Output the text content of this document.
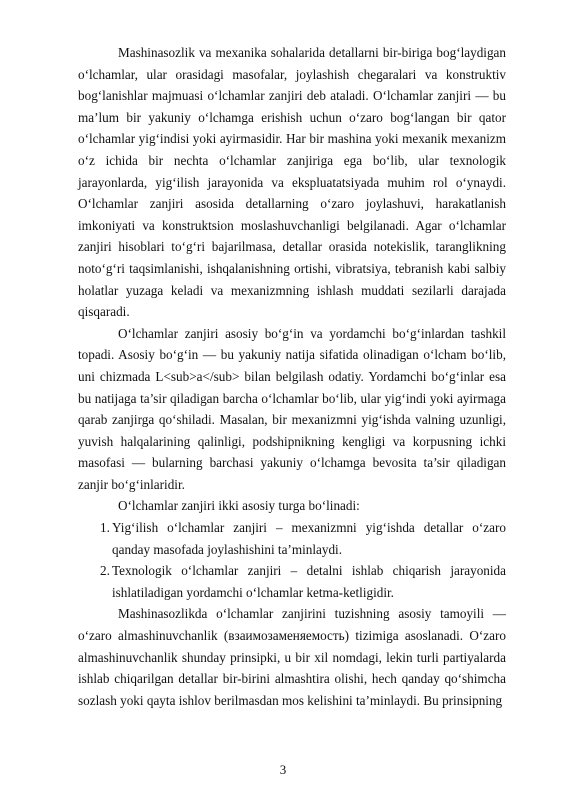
Mashinasozlik va mexanika sohalarida detallarni bir-biriga bog‘laydigan o‘lchamlar, ular orasidagi masofalar, joylashish chegaralari va konstruktiv bog‘lanishlar majmuasi o‘lchamlar zanjiri deb ataladi. O‘lchamlar zanjiri — bu ma’lum bir yakuniy o‘lchamga erishish uchun o‘zaro bog‘langan bir qator o‘lchamlar yig‘indisi yoki ayirmasidir. Har bir mashina yoki mexanik mexanizm o‘z ichida bir nechta o‘lchamlar zanjiriga ega bo‘lib, ular texnologik jarayonlarda, yig‘ilish jarayonida va ekspluatatsiyada muhim rol o‘ynaydi. O‘lchamlar zanjiri asosida detallarning o‘zaro joylashuvi, harakatlanish imkoniyati va konstruktsion moslashuvchanligi belgilanadi. Agar o‘lchamlar zanjiri hisoblari to‘g‘ri bajarilmasa, detallar orasida notekislik, taranglikning noto‘g‘ri taqsimlanishi, ishqalanishning ortishi, vibratsiya, tebranish kabi salbiy holatlar yuzaga keladi va mexanizmning ishlash muddati sezilarli darajada qisqaradi.

O‘lchamlar zanjiri asosiy bo‘g‘in va yordamchi bo‘g‘inlardan tashkil topadi. Asosiy bo‘g‘in — bu yakuniy natija sifatida olinadigan o‘lcham bo‘lib, uni chizmada L<sub>a</sub> bilan belgilash odatiy. Yordamchi bo‘g‘inlar esa bu natijaga ta’sir qiladigan barcha o‘lchamlar bo‘lib, ular yig‘indi yoki ayirmaga qarab zanjirga qo‘shiladi. Masalan, bir mexanizmni yig‘ishda valning uzunligi, yuvish halqalarining qalinligi, podshipnikning kengligi va korpusning ichki masofasi — bularning barchasi yakuniy o‘lchamga bevosita ta’sir qiladigan zanjir bo‘g‘inlaridir.

O‘lchamlar zanjiri ikki asosiy turga bo‘linadi:

1. Yig‘ilish o‘lchamlar zanjiri – mexanizmni yig‘ishda detallar o‘zaro qanday masofada joylashishini ta’minlaydi.
2. Texnologik o‘lchamlar zanjiri – detalni ishlab chiqarish jarayonida ishlatiladigan yordamchi o‘lchamlar ketma-ketligidir.

Mashinasozlikda o‘lchamlar zanjirini tuzishning asosiy tamoyili — o‘zaro almashinuvchanlik (взаимозаменяемость) tizimiga asoslanadi. O‘zaro almashinuvchanlik shunday prinsipki, u bir xil nomdagi, lekin turli partiyalarda ishlab chiqarilgan detallar bir-birini almashtira olishi, hech qanday qo‘shimcha sozlash yoki qayta ishlov berilmasdan mos kelishini ta’minlaydi. Bu prinsipning

3
